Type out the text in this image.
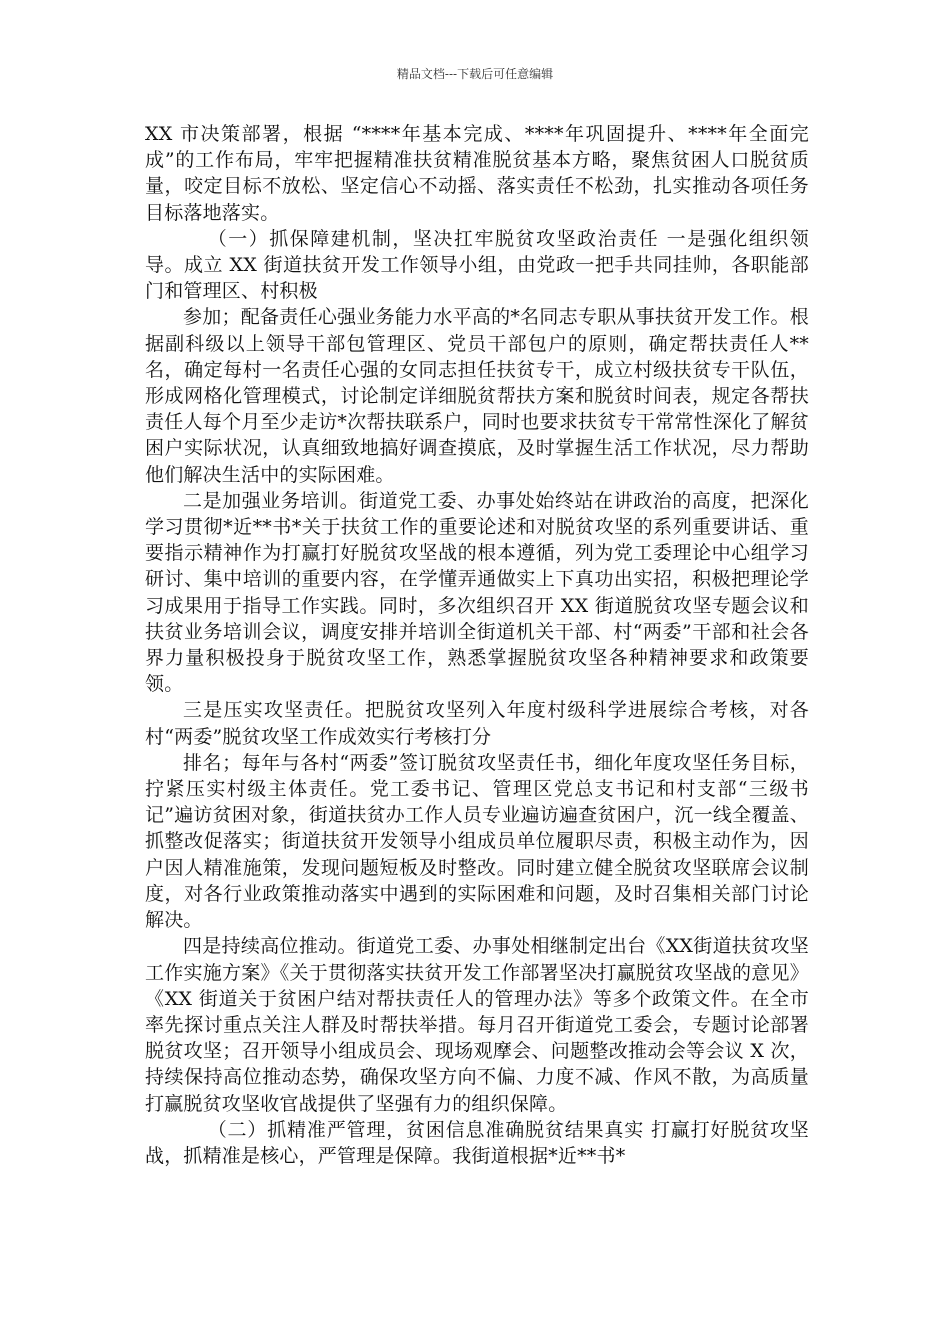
精品文档---下载后可任意编辑

XX 市决策部署，根据 “****年基本完成、****年巩固提升、****年全面完成”的工作布局，牢牢把握精准扶贫精准脱贫基本方略，聚焦贫困人口脱贫质量，咬定目标不放松、坚定信心不动摇、落实责任不松劲，扎实推动各项任务目标落地落实。

（一）抓保障建机制，坚决扛牢脱贫攻坚政治责任 一是强化组织领导。成立 XX 街道扶贫开发工作领导小组，由党政一把手共同挂帅，各职能部门和管理区、村积极

参加；配备责任心强业务能力水平高的*名同志专职从事扶贫开发工作。根据副科级以上领导干部包管理区、党员干部包户的原则，确定帮扶责任人**名，确定每村一名责任心强的女同志担任扶贫专干，成立村级扶贫专干队伍，形成网格化管理模式，讨论制定详细脱贫帮扶方案和脱贫时间表，规定各帮扶责任人每个月至少走访*次帮扶联系户，同时也要求扶贫专干常常性深化了解贫困户实际状况，认真细致地搞好调查摸底，及时掌握生活工作状况，尽力帮助他们解决生活中的实际困难。

二是加强业务培训。街道党工委、办事处始终站在讲政治的高度，把深化学习贯彻*近**书*关于扶贫工作的重要论述和对脱贫攻坚的系列重要讲话、重要指示精神作为打赢打好脱贫攻坚战的根本遵循，列为党工委理论中心组学习研讨、集中培训的重要内容，在学懂弄通做实上下真功出实招，积极把理论学习成果用于指导工作实践。同时，多次组织召开 XX 街道脱贫攻坚专题会议和扶贫业务培训会议，调度安排并培训全街道机关干部、村“两委”干部和社会各界力量积极投身于脱贫攻坚工作，熟悉掌握脱贫攻坚各种精神要求和政策要领。

三是压实攻坚责任。把脱贫攻坚列入年度村级科学进展综合考核，对各村“两委”脱贫攻坚工作成效实行考核打分

排名；每年与各村“两委”签订脱贫攻坚责任书，细化年度攻坚任务目标，拧紧压实村级主体责任。党工委书记、管理区党总支书记和村支部“三级书记”遍访贫困对象，街道扶贫办工作人员专业遍访遍查贫困户，沉一线全覆盖、抓整改促落实；街道扶贫开发领导小组成员单位履职尽责，积极主动作为，因户因人精准施策，发现问题短板及时整改。同时建立健全脱贫攻坚联席会议制度，对各行业政策推动落实中遇到的实际困难和问题，及时召集相关部门讨论解决。

四是持续高位推动。街道党工委、办事处相继制定出台《XX街道扶贫攻坚工作实施方案》《关于贯彻落实扶贫开发工作部署坚决打赢脱贫攻坚战的意见》《XX 街道关于贫困户结对帮扶责任人的管理办法》等多个政策文件。在全市率先探讨重点关注人群及时帮扶举措。每月召开街道党工委会，专题讨论部署脱贫攻坚；召开领导小组成员会、现场观摩会、问题整改推动会等会议 X 次，持续保持高位推动态势，确保攻坚方向不偏、力度不减、作风不散，为高质量打赢脱贫攻坚收官战提供了坚强有力的组织保障。

（二）抓精准严管理，贫困信息准确脱贫结果真实 打赢打好脱贫攻坚战，抓精准是核心，严管理是保障。我街道根据*近**书*
